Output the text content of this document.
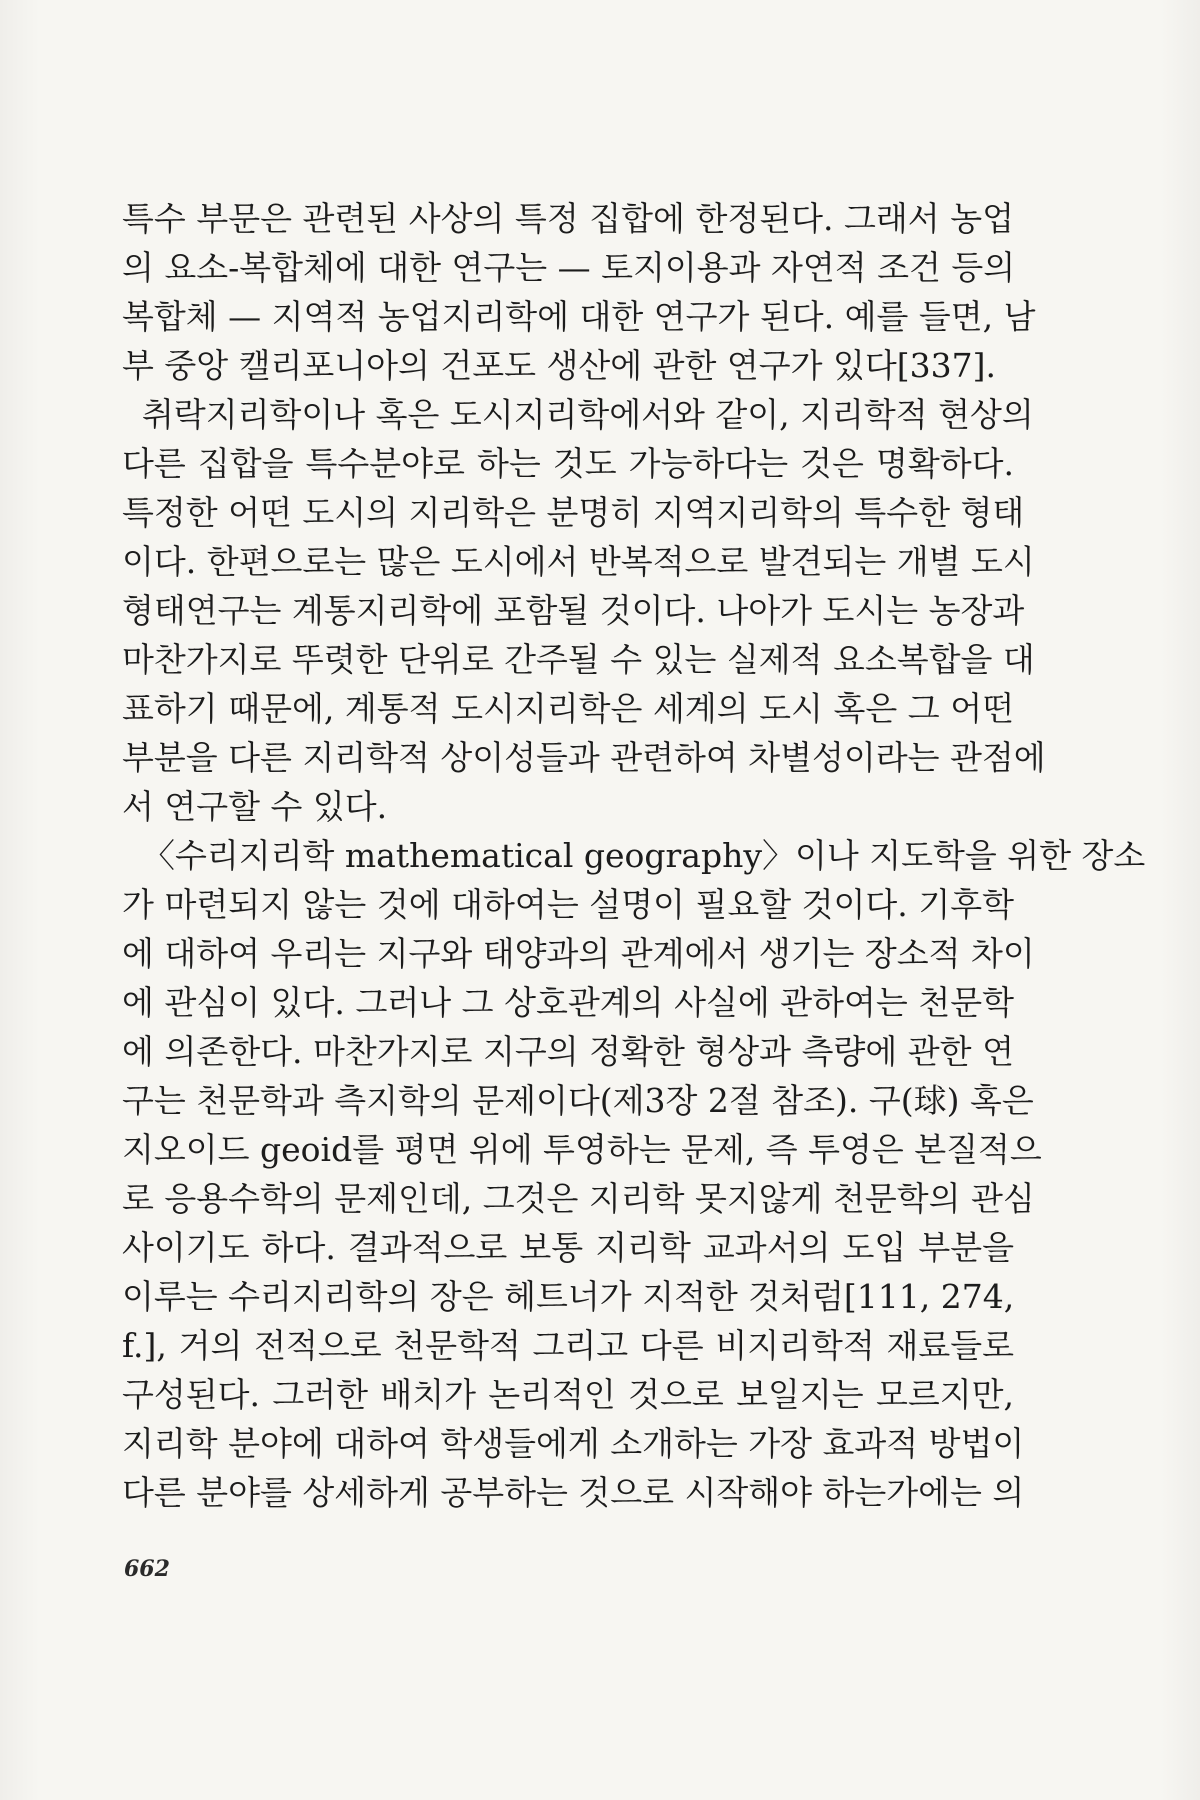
특수 부문은 관련된 사상의 특정 집합에 한정된다. 그래서 농업
의 요소-복합체에 대한 연구는 — 토지이용과 자연적 조건 등의
복합체 — 지역적 농업지리학에 대한 연구가 된다. 예를 들면, 남
부 중앙 캘리포니아의 건포도 생산에 관한 연구가 있다[337].
취락지리학이나 혹은 도시지리학에서와 같이, 지리학적 현상의
다른 집합을 특수분야로 하는 것도 가능하다는 것은 명확하다.
특정한 어떤 도시의 지리학은 분명히 지역지리학의 특수한 형태
이다. 한편으로는 많은 도시에서 반복적으로 발견되는 개별 도시
형태연구는 계통지리학에 포함될 것이다. 나아가 도시는 농장과
마찬가지로 뚜렷한 단위로 간주될 수 있는 실제적 요소복합을 대
표하기 때문에, 계통적 도시지리학은 세계의 도시 혹은 그 어떤
부분을 다른 지리학적 상이성들과 관련하여 차별성이라는 관점에
서 연구할 수 있다.
〈수리지리학 mathematical geography〉이나 지도학을 위한 장소
가 마련되지 않는 것에 대하여는 설명이 필요할 것이다. 기후학
에 대하여 우리는 지구와 태양과의 관계에서 생기는 장소적 차이
에 관심이 있다. 그러나 그 상호관계의 사실에 관하여는 천문학
에 의존한다. 마찬가지로 지구의 정확한 형상과 측량에 관한 연
구는 천문학과 측지학의 문제이다(제3장 2절 참조). 구(球) 혹은
지오이드 geoid를 평면 위에 투영하는 문제, 즉 투영은 본질적으
로 응용수학의 문제인데, 그것은 지리학 못지않게 천문학의 관심
사이기도 하다. 결과적으로 보통 지리학 교과서의 도입 부분을
이루는 수리지리학의 장은 헤트너가 지적한 것처럼[111, 274,
f.], 거의 전적으로 천문학적 그리고 다른 비지리학적 재료들로
구성된다. 그러한 배치가 논리적인 것으로 보일지는 모르지만,
지리학 분야에 대하여 학생들에게 소개하는 가장 효과적 방법이
다른 분야를 상세하게 공부하는 것으로 시작해야 하는가에는 의
662
